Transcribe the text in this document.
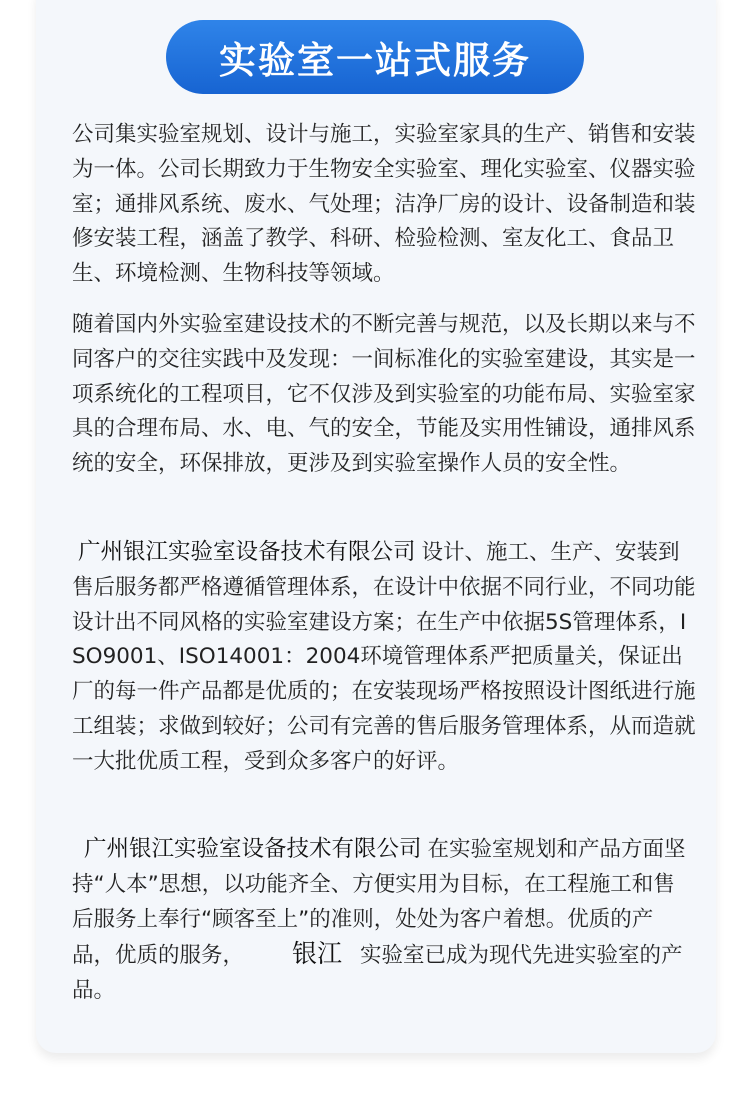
实验室一站式服务

公司集实验室规划、设计与施工，实验室家具的生产、销售和安装为一体。公司长期致力于生物安全实验室、理化实验室、仪器实验室；通排风系统、废水、气处理；洁净厂房的设计、设备制造和装修安装工程，涵盖了教学、科研、检验检测、室友化工、食品卫生、环境检测、生物科技等领域。

随着国内外实验室建设技术的不断完善与规范，以及长期以来与不同客户的交往实践中及发现：一间标准化的实验室建设，其实是一项系统化的工程项目，它不仅涉及到实验室的功能布局、实验室家具的合理布局、水、电、气的安全，节能及实用性铺设，通排风系统的安全，环保排放，更涉及到实验室操作人员的安全性。

广州银江实验室设备技术有限公司 设计、施工、生产、安装到售后服务都严格遵循管理体系，在设计中依据不同行业，不同功能设计出不同风格的实验室建设方案；在生产中依据5S管理体系，ISO9001、ISO14001：2004环境管理体系严把质量关，保证出厂的每一件产品都是优质的；在安装现场严格按照设计图纸进行施工组装；求做到较好；公司有完善的售后服务管理体系，从而造就一大批优质工程，受到众多客户的好评。

广州银江实验室设备技术有限公司 在实验室规划和产品方面坚持“人本”思想，以功能齐全、方便实用为目标，在工程施工和售后服务上奉行“顾客至上”的准则，处处为客户着想。优质的产品，优质的服务， 银江 实验室已成为现代先进实验室的产品。
